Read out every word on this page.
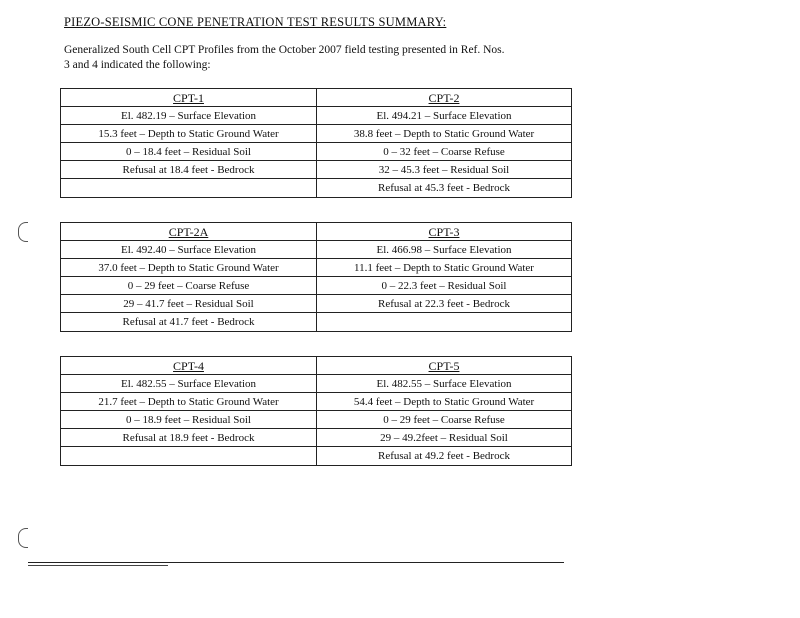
PIEZO-SEISMIC CONE PENETRATION TEST RESULTS SUMMARY:
Generalized South Cell CPT Profiles from the October 2007 field testing presented in Ref. Nos.
3 and 4 indicated the following:
CPT-1
El. 482.19 – Surface Elevation
15.3 feet – Depth to Static Ground Water
0 – 18.4 feet – Residual Soil
Refusal at 18.4 feet - Bedrock
CPT-2
El. 494.21 – Surface Elevation
38.8 feet – Depth to Static Ground Water
0 – 32 feet – Coarse Refuse
32 – 45.3 feet – Residual Soil
Refusal at 45.3 feet - Bedrock
CPT-2A
El. 492.40 – Surface Elevation
37.0 feet – Depth to Static Ground Water
0 – 29 feet – Coarse Refuse
29 – 41.7 feet – Residual Soil
Refusal at 41.7 feet - Bedrock
CPT-3
El. 466.98 – Surface Elevation
11.1 feet – Depth to Static Ground Water
0 – 22.3 feet – Residual Soil
Refusal at 22.3 feet - Bedrock
CPT-4
El. 482.55 – Surface Elevation
21.7 feet – Depth to Static Ground Water
0 – 18.9 feet – Residual Soil
Refusal at 18.9 feet - Bedrock
CPT-5
El. 482.55 – Surface Elevation
54.4 feet – Depth to Static Ground Water
0 – 29 feet – Coarse Refuse
29 – 49.2feet – Residual Soil
Refusal at 49.2 feet - Bedrock
